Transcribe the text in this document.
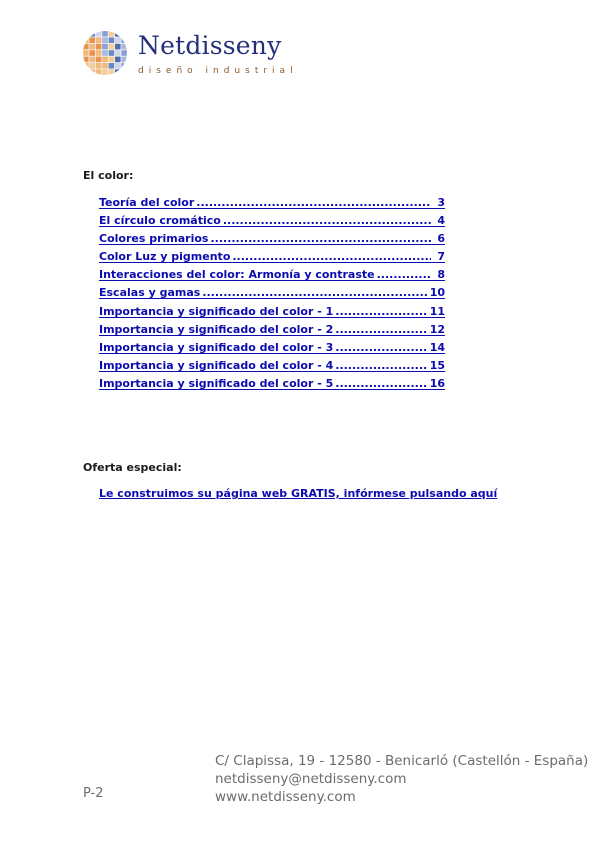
Netdisseny
diseño industrial
El color:
Teoría del color .....	3
El círculo cromático .....	4
Colores primarios .....	6
Color Luz y pigmento .....	7
Interacciones del color: Armonía y contraste .....	8
Escalas y gamas .....	10
Importancia y significado del color - 1 .....	11
Importancia y significado del color - 2 .....	12
Importancia y significado del color - 3 .....	14
Importancia y significado del color - 4 .....	15
Importancia y significado del color - 5 .....	16
Oferta especial:
Le construimos su página web GRATIS, infórmese pulsando aquí
C/ Clapissa, 19 - 12580 - Benicarló (Castellón - España)
netdisseny@netdisseny.com
www.netdisseny.com
P-2
